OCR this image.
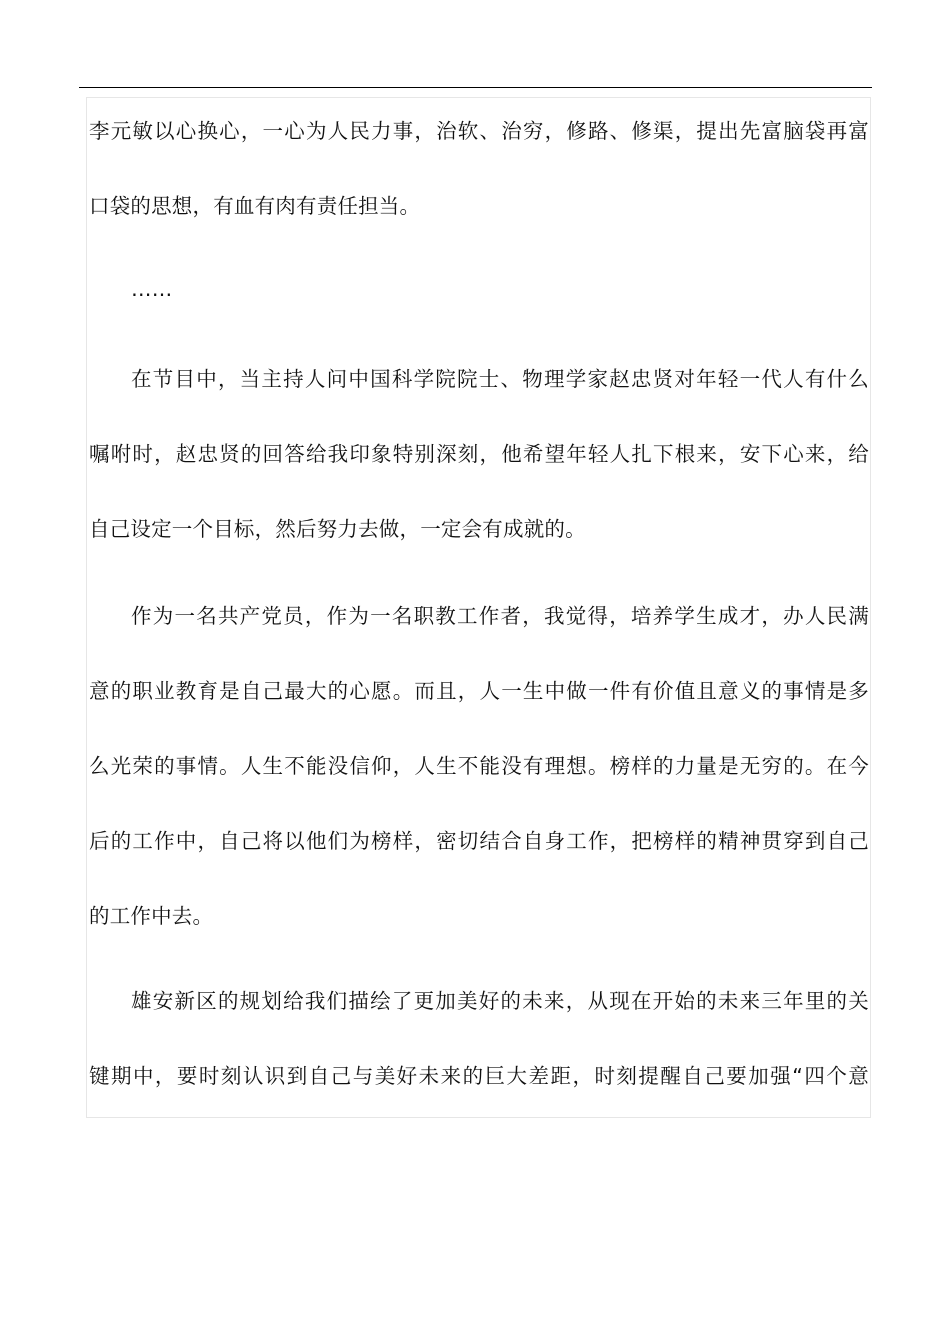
李元敏以心换心，一心为人民力事，治软、治穷，修路、修渠，提出先富脑袋再富
口袋的思想，有血有肉有责任担当。

……

在节目中，当主持人问中国科学院院士、物理学家赵忠贤对年轻一代人有什么
嘱咐时，赵忠贤的回答给我印象特别深刻，他希望年轻人扎下根来，安下心来，给
自己设定一个目标，然后努力去做，一定会有成就的。

作为一名共产党员，作为一名职教工作者，我觉得，培养学生成才，办人民满
意的职业教育是自己最大的心愿。而且，人一生中做一件有价值且意义的事情是多
么光荣的事情。人生不能没信仰，人生不能没有理想。榜样的力量是无穷的。在今
后的工作中，自己将以他们为榜样，密切结合自身工作，把榜样的精神贯穿到自己
的工作中去。

雄安新区的规划给我们描绘了更加美好的未来，从现在开始的未来三年里的关
键期中，要时刻认识到自己与美好未来的巨大差距，时刻提醒自己要加强“四个意
